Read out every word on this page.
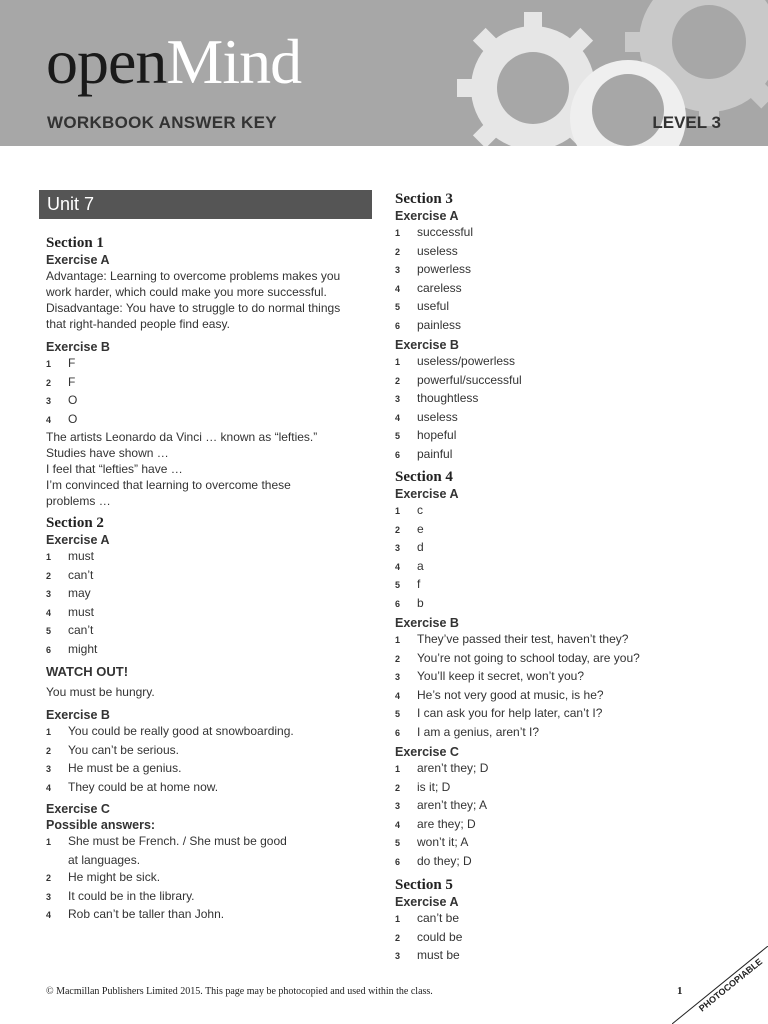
openMind
WORKBOOK ANSWER KEY	LEVEL 3
Unit 7
Section 1
Exercise A
Advantage: Learning to overcome problems makes you
work harder, which could make you more successful.
Disadvantage: You have to struggle to do normal things
that right-handed people find easy.
Exercise B
1	F
2	F
3	O
4	O
The artists Leonardo da Vinci … known as “lefties.”
Studies have shown …
I feel that “lefties” have …
I’m convinced that learning to overcome these
problems …
Section 2
Exercise A
1	must
2	can’t
3	may
4	must
5	can’t
6	might
WATCH OUT!
You must be hungry.
Exercise B
1	You could be really good at snowboarding.
2	You can’t be serious.
3	He must be a genius.
4	They could be at home now.
Exercise C
Possible answers:
1	She must be French. / She must be good
at languages.
2	He might be sick.
3	It could be in the library.
4	Rob can’t be taller than John.
Section 3
Exercise A
1	successful
2	useless
3	powerless
4	careless
5	useful
6	painless
Exercise B
1	useless/powerless
2	powerful/successful
3	thoughtless
4	useless
5	hopeful
6	painful
Section 4
Exercise A
1	c
2	e
3	d
4	a
5	f
6	b
Exercise B
1	They’ve passed their test, haven’t they?
2	You’re not going to school today, are you?
3	You’ll keep it secret, won’t you?
4	He’s not very good at music, is he?
5	I can ask you for help later, can’t I?
6	I am a genius, aren’t I?
Exercise C
1	aren’t they; D
2	is it; D
3	aren’t they; A
4	are they; D
5	won’t it; A
6	do they; D
Section 5
Exercise A
1	can’t be
2	could be
3	must be
© Macmillan Publishers Limited 2015. This page may be photocopied and used within the class.	1 PHOTOCOPIABLE
